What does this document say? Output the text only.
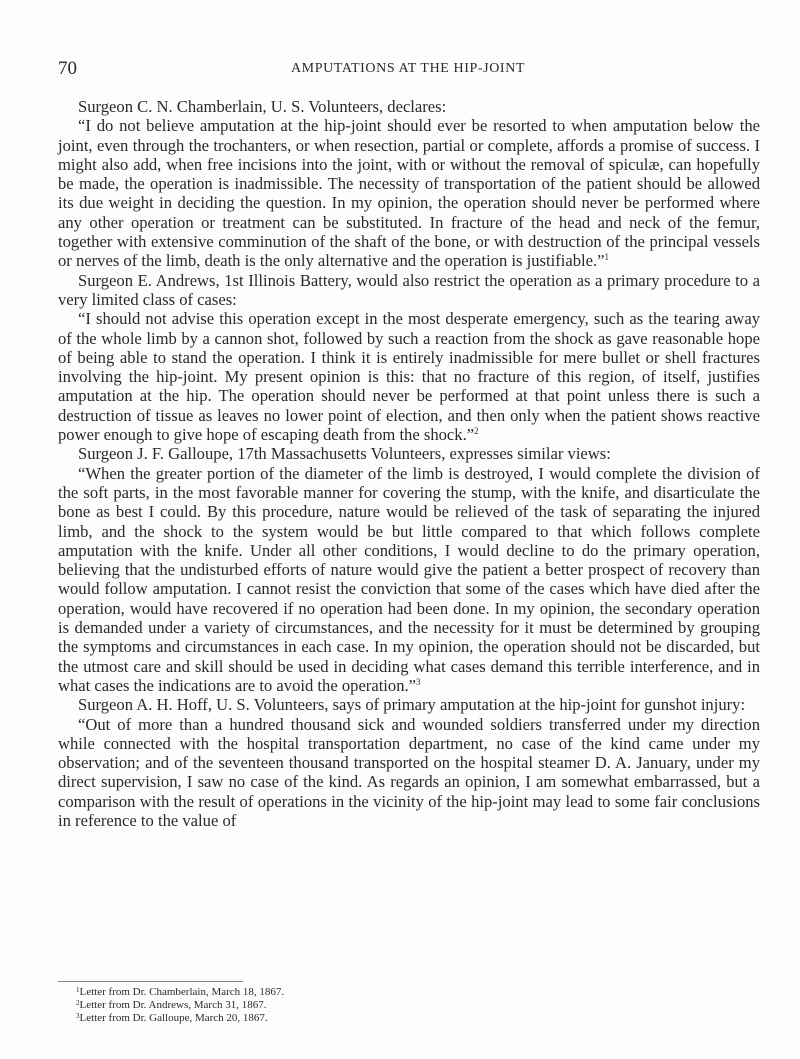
70	AMPUTATIONS AT THE HIP-JOINT

Surgeon C. N. Chamberlain, U. S. Volunteers, declares:

“I do not believe amputation at the hip-joint should ever be resorted to when amputation below the joint, even through the trochanters, or when resection, partial or complete, affords a promise of success. I might also add, when free incisions into the joint, with or without the removal of spiculæ, can hopefully be made, the operation is inadmissible. The necessity of transportation of the patient should be allowed its due weight in deciding the question. In my opinion, the operation should never be performed where any other operation or treatment can be substituted. In fracture of the head and neck of the femur, together with extensive comminution of the shaft of the bone, or with destruction of the principal vessels or nerves of the limb, death is the only alternative and the operation is justifiable.”$^1$

Surgeon E. Andrews, 1st Illinois Battery, would also restrict the operation as a primary procedure to a very limited class of cases:

“I should not advise this operation except in the most desperate emergency, such as the tearing away of the whole limb by a cannon shot, followed by such a reaction from the shock as gave reasonable hope of being able to stand the operation. I think it is entirely inadmissible for mere bullet or shell fractures involving the hip-joint. My present opinion is this: that no fracture of this region, of itself, justifies amputation at the hip. The operation should never be performed at that point unless there is such a destruction of tissue as leaves no lower point of election, and then only when the patient shows reactive power enough to give hope of escaping death from the shock.”$^2$

Surgeon J. F. Galloupe, 17th Massachusetts Volunteers, expresses similar views:

“When the greater portion of the diameter of the limb is destroyed, I would complete the division of the soft parts, in the most favorable manner for covering the stump, with the knife, and disarticulate the bone as best I could. By this procedure, nature would be relieved of the task of separating the injured limb, and the shock to the system would be but little compared to that which follows complete amputation with the knife. Under all other conditions, I would decline to do the primary operation, believing that the undisturbed efforts of nature would give the patient a better prospect of recovery than would follow amputation. I cannot resist the conviction that some of the cases which have died after the operation, would have recovered if no operation had been done. In my opinion, the secondary operation is demanded under a variety of circumstances, and the necessity for it must be determined by grouping the symptoms and circumstances in each case. In my opinion, the operation should not be discarded, but the utmost care and skill should be used in deciding what cases demand this terrible interference, and in what cases the indications are to avoid the operation.”$^3$

Surgeon A. H. Hoff, U. S. Volunteers, says of primary amputation at the hip-joint for gunshot injury:

“Out of more than a hundred thousand sick and wounded soldiers transferred under my direction while connected with the hospital transportation department, no case of the kind came under my observation; and of the seventeen thousand transported on the hospital steamer D. A. January, under my direct supervision, I saw no case of the kind. As regards an opinion, I am somewhat embarrassed, but a comparison with the result of operations in the vicinity of the hip-joint may lead to some fair conclusions in reference to the value of

$^1$Letter from Dr. Chamberlain, March 18, 1867.
$^2$Letter from Dr. Andrews, March 31, 1867.
$^3$Letter from Dr. Galloupe, March 20, 1867.
